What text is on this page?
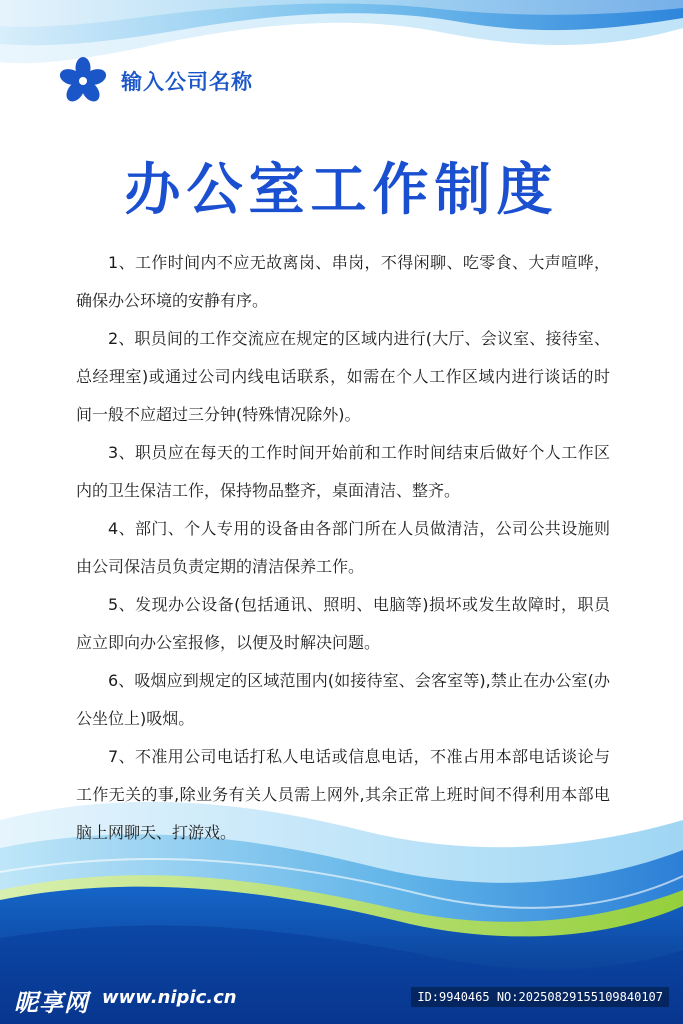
输入公司名称
办公室工作制度

1、工作时间内不应无故离岗、串岗，不得闲聊、吃零食、大声喧哗，确保办公环境的安静有序。

2、职员间的工作交流应在规定的区域内进行(大厅、会议室、接待室、总经理室)或通过公司内线电话联系，如需在个人工作区域内进行谈话的时间一般不应超过三分钟(特殊情况除外)。

3、职员应在每天的工作时间开始前和工作时间结束后做好个人工作区内的卫生保洁工作，保持物品整齐，桌面清洁、整齐。

4、部门、个人专用的设备由各部门所在人员做清洁，公司公共设施则由公司保洁员负责定期的清洁保养工作。

5、发现办公设备(包括通讯、照明、电脑等)损坏或发生故障时，职员应立即向办公室报修，以便及时解决问题。

6、吸烟应到规定的区域范围内(如接待室、会客室等),禁止在办公室(办公坐位上)吸烟。

7、不准用公司电话打私人电话或信息电话，不准占用本部电话谈论与工作无关的事,除业务有关人员需上网外,其余正常上班时间不得利用本部电脑上网聊天、打游戏。

昵享网 www.nipic.cn	ID:9940465 NO:20250829155109840107
